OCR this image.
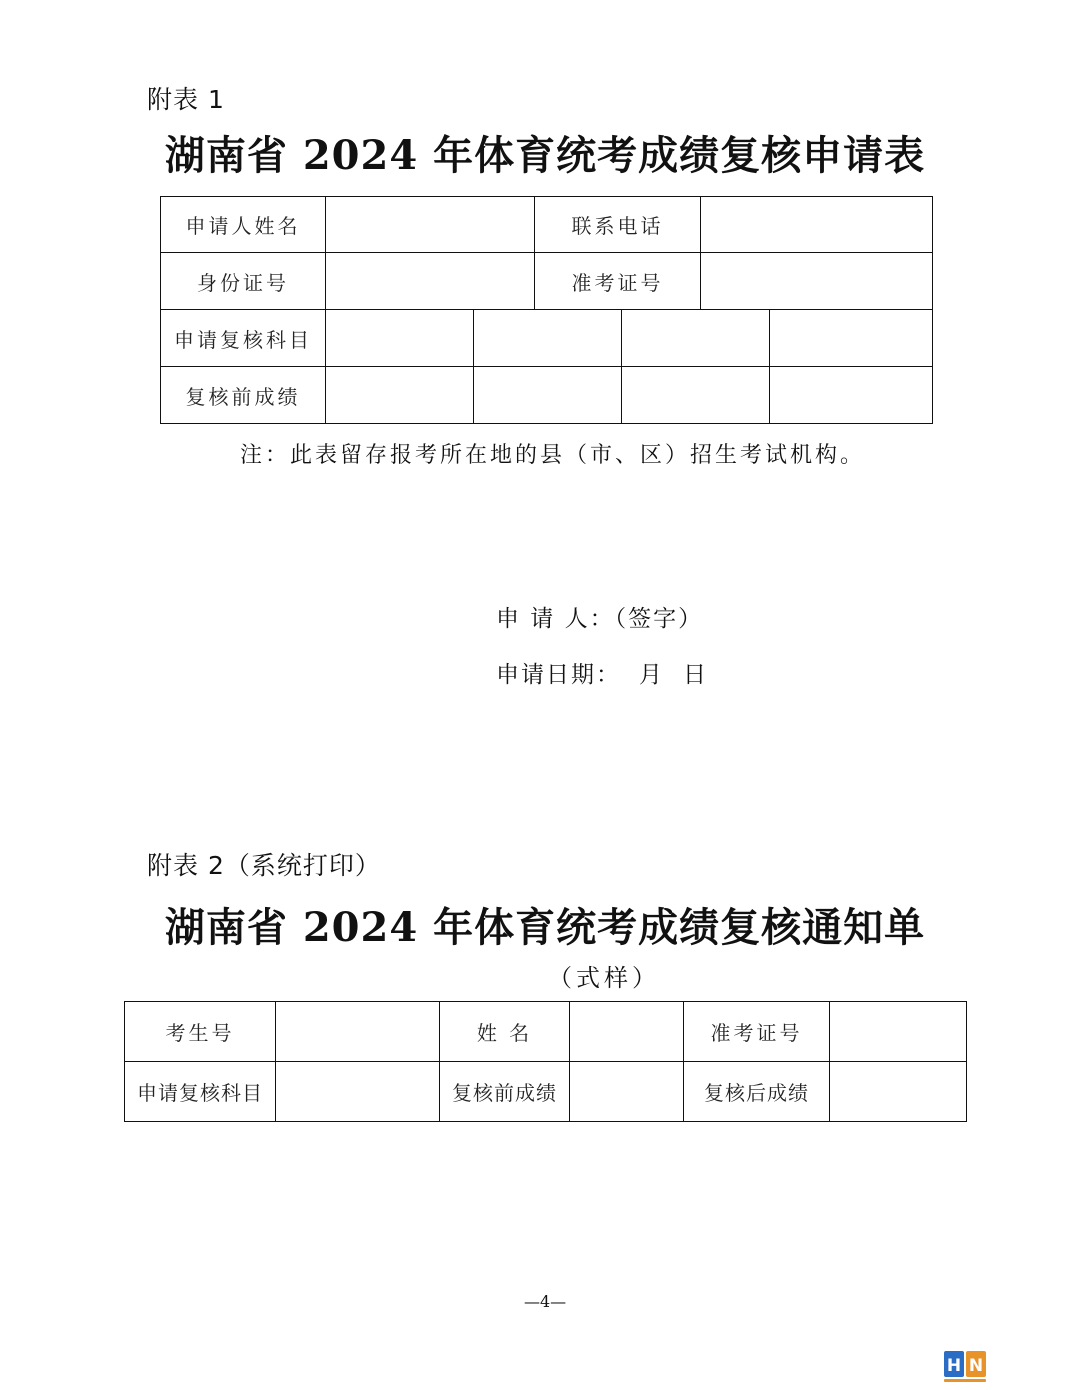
附表 1
湖南省 2024 年体育统考成绩复核申请表
申请人姓名			联系电话		
身份证号			准考证号		
申请复核科目					

复核前成绩					
注：此表留存报考所在地的县（市、区）招生考试机构。
申 请 人：（签字）
申请日期： 月 日
附表 2（系统打印）
湖南省 2024 年体育统考成绩复核通知单
（式样）
考生号		姓 名		准考证号	
申请复核科目		复核前成绩		复核后成绩	
—4—
H N
